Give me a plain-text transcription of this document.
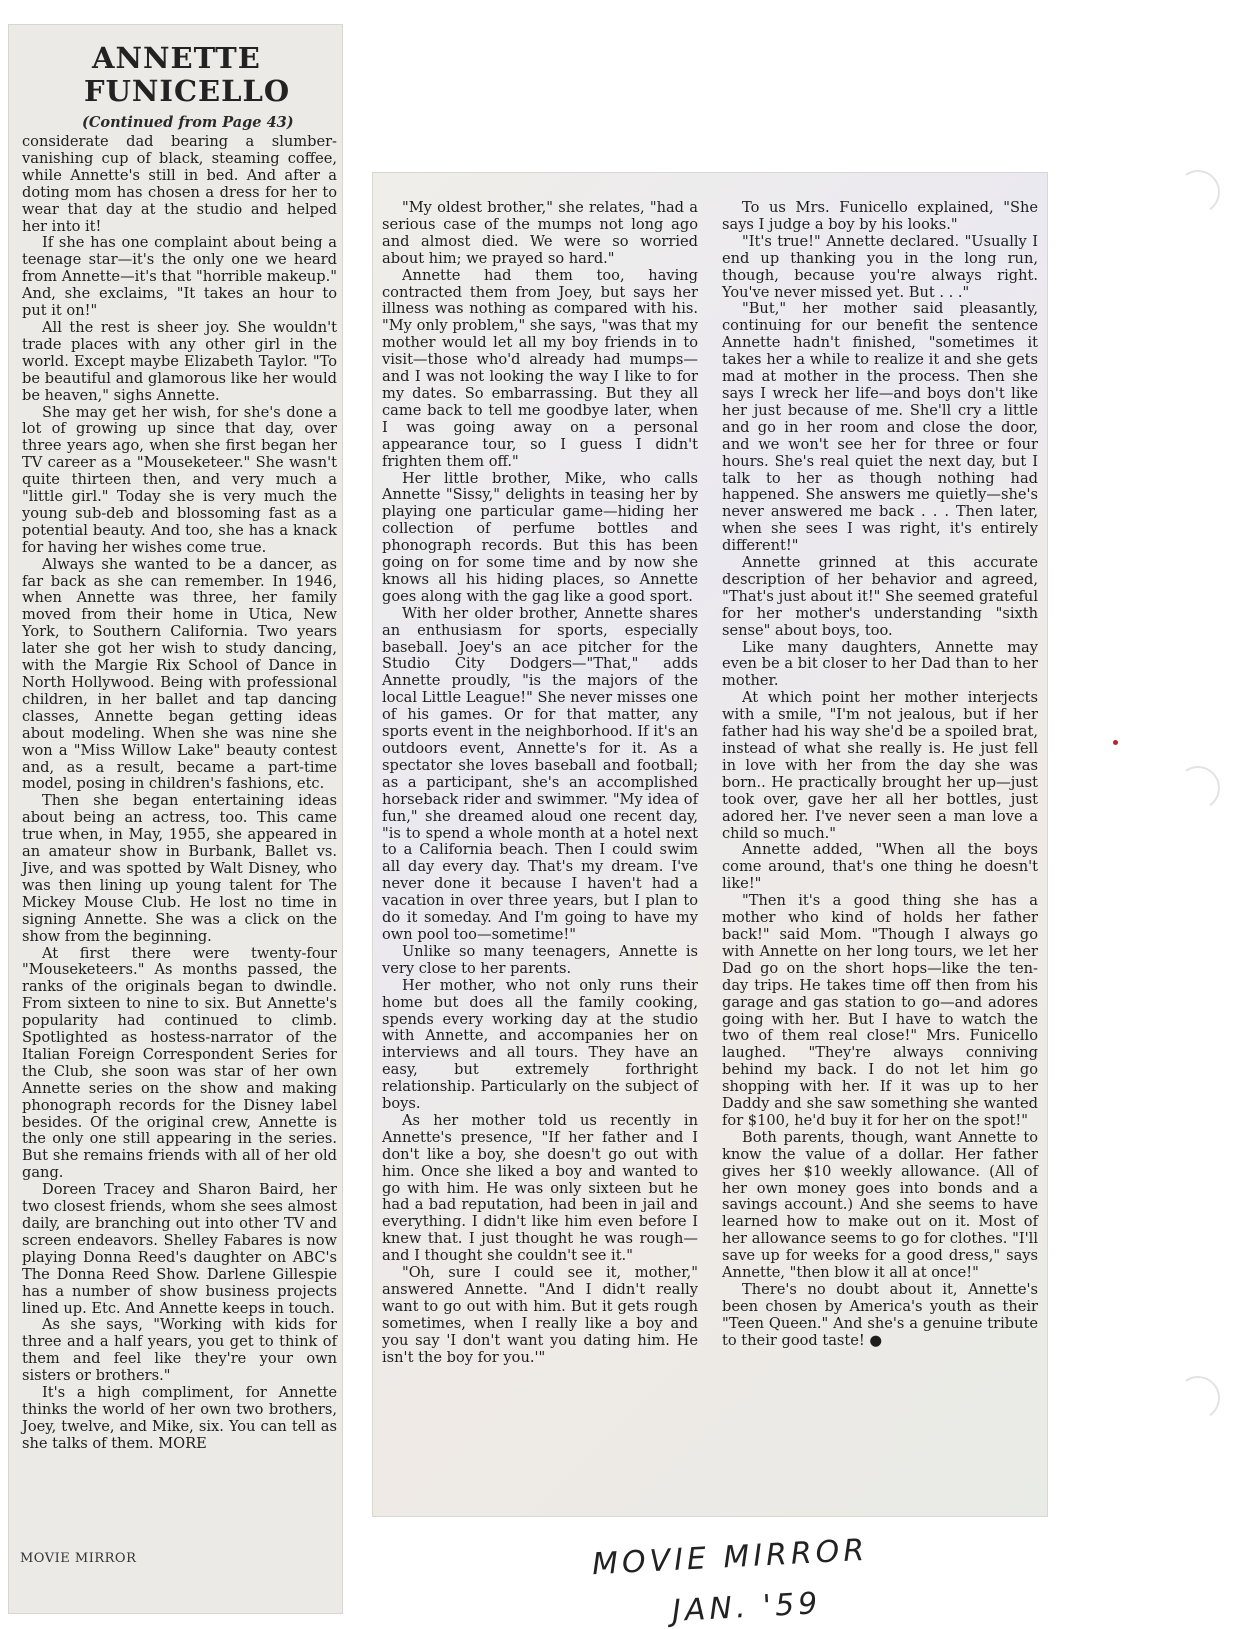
ANNETTE
FUNICELLO
(Continued from Page 43)

considerate dad bearing a slumber-vanishing cup of black, steaming coffee, while Annette's still in bed. And after a doting mom has chosen a dress for her to wear that day at the studio and helped her into it!

If she has one complaint about being a teenage star—it's the only one we heard from Annette—it's that "horrible makeup." And, she exclaims, "It takes an hour to put it on!"

All the rest is sheer joy. She wouldn't trade places with any other girl in the world. Except maybe Elizabeth Taylor. "To be beautiful and glamorous like her would be heaven," sighs Annette.

She may get her wish, for she's done a lot of growing up since that day, over three years ago, when she first began her TV career as a "Mouseketeer." She wasn't quite thirteen then, and very much a "little girl." Today she is very much the young sub-deb and blossoming fast as a potential beauty. And too, she has a knack for having her wishes come true.

Always she wanted to be a dancer, as far back as she can remember. In 1946, when Annette was three, her family moved from their home in Utica, New York, to Southern California. Two years later she got her wish to study dancing, with the Margie Rix School of Dance in North Hollywood. Being with professional children, in her ballet and tap dancing classes, Annette began getting ideas about modeling. When she was nine she won a "Miss Willow Lake" beauty contest and, as a result, became a part-time model, posing in children's fashions, etc.

Then she began entertaining ideas about being an actress, too. This came true when, in May, 1955, she appeared in an amateur show in Burbank, Ballet vs. Jive, and was spotted by Walt Disney, who was then lining up young talent for The Mickey Mouse Club. He lost no time in signing Annette. She was a click on the show from the beginning.

At first there were twenty-four "Mouseketeers." As months passed, the ranks of the originals began to dwindle. From sixteen to nine to six. But Annette's popularity had continued to climb. Spotlighted as hostess-narrator of the Italian Foreign Correspondent Series for the Club, she soon was star of her own Annette series on the show and making phonograph records for the Disney label besides. Of the original crew, Annette is the only one still appearing in the series. But she remains friends with all of her old gang.

Doreen Tracey and Sharon Baird, her two closest friends, whom she sees almost daily, are branching out into other TV and screen endeavors. Shelley Fabares is now playing Donna Reed's daughter on ABC's The Donna Reed Show. Darlene Gillespie has a number of show business projects lined up. Etc. And Annette keeps in touch.

As she says, "Working with kids for three and a half years, you get to think of them and feel like they're your own sisters or brothers."

It's a high compliment, for Annette thinks the world of her own two brothers, Joey, twelve, and Mike, six. You can tell as she talks of them. MORE

MOVIE MIRROR

"My oldest brother," she relates, "had a serious case of the mumps not long ago and almost died. We were so worried about him; we prayed so hard."

Annette had them too, having contracted them from Joey, but says her illness was nothing as compared with his. "My only problem," she says, "was that my mother would let all my boy friends in to visit—those who'd already had mumps—and I was not looking the way I like to for my dates. So embarrassing. But they all came back to tell me goodbye later, when I was going away on a personal appearance tour, so I guess I didn't frighten them off."

Her little brother, Mike, who calls Annette "Sissy," delights in teasing her by playing one particular game—hiding her collection of perfume bottles and phonograph records. But this has been going on for some time and by now she knows all his hiding places, so Annette goes along with the gag like a good sport.

With her older brother, Annette shares an enthusiasm for sports, especially baseball. Joey's an ace pitcher for the Studio City Dodgers—"That," adds Annette proudly, "is the majors of the local Little League!" She never misses one of his games. Or for that matter, any sports event in the neighborhood. If it's an outdoors event, Annette's for it. As a spectator she loves baseball and football; as a participant, she's an accomplished horseback rider and swimmer. "My idea of fun," she dreamed aloud one recent day, "is to spend a whole month at a hotel next to a California beach. Then I could swim all day every day. That's my dream. I've never done it because I haven't had a vacation in over three years, but I plan to do it someday. And I'm going to have my own pool too—sometime!"

Unlike so many teenagers, Annette is very close to her parents.

Her mother, who not only runs their home but does all the family cooking, spends every working day at the studio with Annette, and accompanies her on interviews and all tours. They have an easy, but extremely forthright relationship. Particularly on the subject of boys.

As her mother told us recently in Annette's presence, "If her father and I don't like a boy, she doesn't go out with him. Once she liked a boy and wanted to go with him. He was only sixteen but he had a bad reputation, had been in jail and everything. I didn't like him even before I knew that. I just thought he was rough—and I thought she couldn't see it."

"Oh, sure I could see it, mother," answered Annette. "And I didn't really want to go out with him. But it gets rough sometimes, when I really like a boy and you say 'I don't want you dating him. He isn't the boy for you.'"

To us Mrs. Funicello explained, "She says I judge a boy by his looks."

"It's true!" Annette declared. "Usually I end up thanking you in the long run, though, because you're always right. You've never missed yet. But . . ."

"But," her mother said pleasantly, continuing for our benefit the sentence Annette hadn't finished, "sometimes it takes her a while to realize it and she gets mad at mother in the process. Then she says I wreck her life—and boys don't like her just because of me. She'll cry a little and go in her room and close the door, and we won't see her for three or four hours. She's real quiet the next day, but I talk to her as though nothing had happened. She answers me quietly—she's never answered me back . . . Then later, when she sees I was right, it's entirely different!"

Annette grinned at this accurate description of her behavior and agreed, "That's just about it!" She seemed grateful for her mother's understanding "sixth sense" about boys, too.

Like many daughters, Annette may even be a bit closer to her Dad than to her mother.

At which point her mother interjects with a smile, "I'm not jealous, but if her father had his way she'd be a spoiled brat, instead of what she really is. He just fell in love with her from the day she was born.. He practically brought her up—just took over, gave her all her bottles, just adored her. I've never seen a man love a child so much."

Annette added, "When all the boys come around, that's one thing he doesn't like!"

"Then it's a good thing she has a mother who kind of holds her father back!" said Mom. "Though I always go with Annette on her long tours, we let her Dad go on the short hops—like the ten-day trips. He takes time off then from his garage and gas station to go—and adores going with her. But I have to watch the two of them real close!" Mrs. Funicello laughed. "They're always conniving behind my back. I do not let him go shopping with her. If it was up to her Daddy and she saw something she wanted for $100, he'd buy it for her on the spot!"

Both parents, though, want Annette to know the value of a dollar. Her father gives her $10 weekly allowance. (All of her own money goes into bonds and a savings account.) And she seems to have learned how to make out on it. Most of her allowance seems to go for clothes. "I'll save up for weeks for a good dress," says Annette, "then blow it all at once!"

There's no doubt about it, Annette's been chosen by America's youth as their "Teen Queen." And she's a genuine tribute to their good taste! ●

MOVIE MIRROR
JAN. '59
